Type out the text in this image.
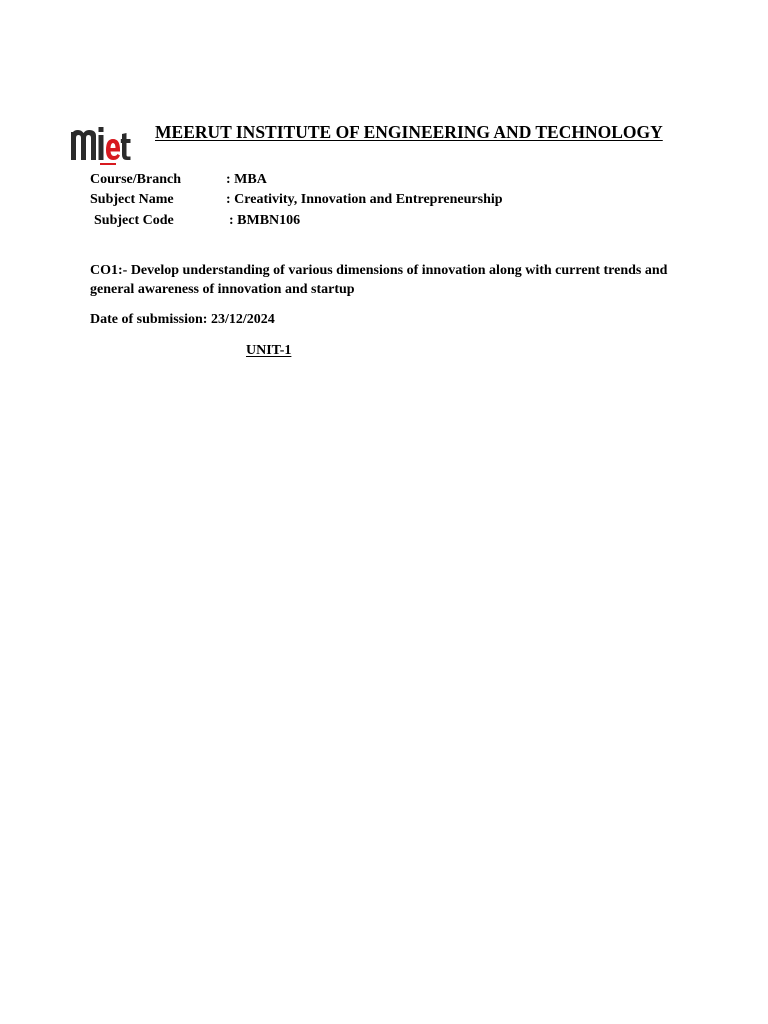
miet	MEERUT INSTITUTE OF ENGINEERING AND TECHNOLOGY
Course/Branch	: MBA
Subject Name	: Creativity, Innovation and Entrepreneurship
Subject Code	: BMBN106
CO1:- Develop understanding of various dimensions of innovation along with current trends and general awareness of innovation and startup
Date of submission: 23/12/2024
UNIT-1
